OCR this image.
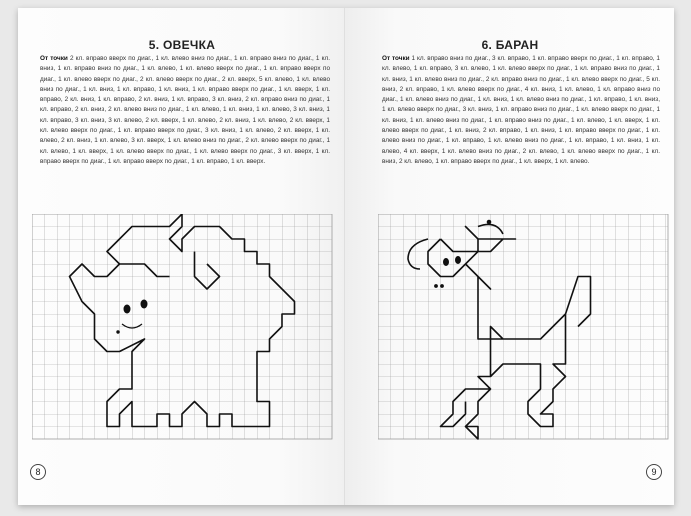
5. ОВЕЧКА
От точки 2 кл. вправо вверх по диаг., 1 кл. влево вниз по диаг., 1 кл. вправо вниз по диаг., 1 кл. вниз, 1 кл. вправо вниз по диаг., 1 кл. влево, 1 кл. влево вверх по диаг., 1 кл. вправо вверх по диаг., 1 кл. влево вверх по диаг., 2 кл. влево вверх по диаг., 2 кл. вверх, 5 кл. влево, 1 кл. влево вниз по диаг., 1 кл. вниз, 1 кл. вправо, 1 кл. вниз, 1 кл. вправо вверх по диаг., 1 кл. вверх, 1 кл. вправо, 2 кл. вниз, 1 кл. вправо, 2 кл. вниз, 1 кл. вправо, 3 кл. вниз, 2 кл. вправо вниз по диаг., 1 кл. вправо, 2 кл. вниз, 2 кл. влево вниз по диаг., 1 кл. влево, 1 кл. вниз, 1 кл. влево, 3 кл. вниз, 1 кл. вправо, 3 кл. вниз, 3 кл. влево, 2 кл. вверх, 1 кл. влево, 2 кл. вниз, 1 кл. влево, 2 кл. вверх, 1 кл. влево вверх по диаг., 1 кл. вправо вверх по диаг., 3 кл. вниз, 1 кл. влево, 2 кл. вверх, 1 кл. влево, 2 кл. вниз, 1 кл. влево, 3 кл. вверх, 1 кл. влево вниз по диаг., 2 кл. влево вверх по диаг., 1 кл. влево, 1 кл. вверх, 1 кл. влево вверх по диаг., 1 кл. влево вверх по диаг., 3 кл. вверх, 1 кл. вправо вверх по диаг., 1 кл. вправо вверх по диаг., 1 кл. вправо, 1 кл. вверх.
8
6. БАРАН
От точки 1 кл. вправо вниз по диаг., 3 кл. вправо, 1 кл. вправо вверх по диаг., 1 кл. вправо, 1 кл. влево, 1 кл. вправо, 3 кл. влево, 1 кл. влево вверх по диаг., 1 кл. вправо вниз по диаг., 1 кл. вниз, 1 кл. влево вниз по диаг., 2 кл. вправо вниз по диаг., 1 кл. влево вверх по диаг., 5 кл. вниз, 2 кл. вправо, 1 кл. влево вверх по диаг., 4 кл. вниз, 1 кл. влево, 1 кл. вправо вниз по диаг., 1 кл. влево вниз по диаг., 1 кл. вниз, 1 кл. влево вниз по диаг., 1 кл. вправо, 1 кл. вниз, 1 кл. влево вверх по диаг., 3 кл. вниз, 1 кл. вправо вниз по диаг., 1 кл. влево вверх по диаг., 1 кл. вниз, 1 кл. влево вниз по диаг., 1 кл. вправо вниз по диаг., 1 кл. влево, 1 кл. вверх, 1 кл. влево вверх по диаг., 1 кл. вниз, 2 кл. вправо, 1 кл. вниз, 1 кл. вправо вверх по диаг., 1 кл. влево вниз по диаг., 1 кл. вправо, 1 кл. влево вниз по диаг., 1 кл. вправо, 1 кл. вниз, 1 кл. влево, 4 кл. вверх, 1 кл. влево вниз по диаг., 2 кл. влево, 1 кл. влево вверх по диаг., 1 кл. вниз, 2 кл. влево, 1 кл. вправо вверх по диаг., 1 кл. вверх, 1 кл. влево.
9
